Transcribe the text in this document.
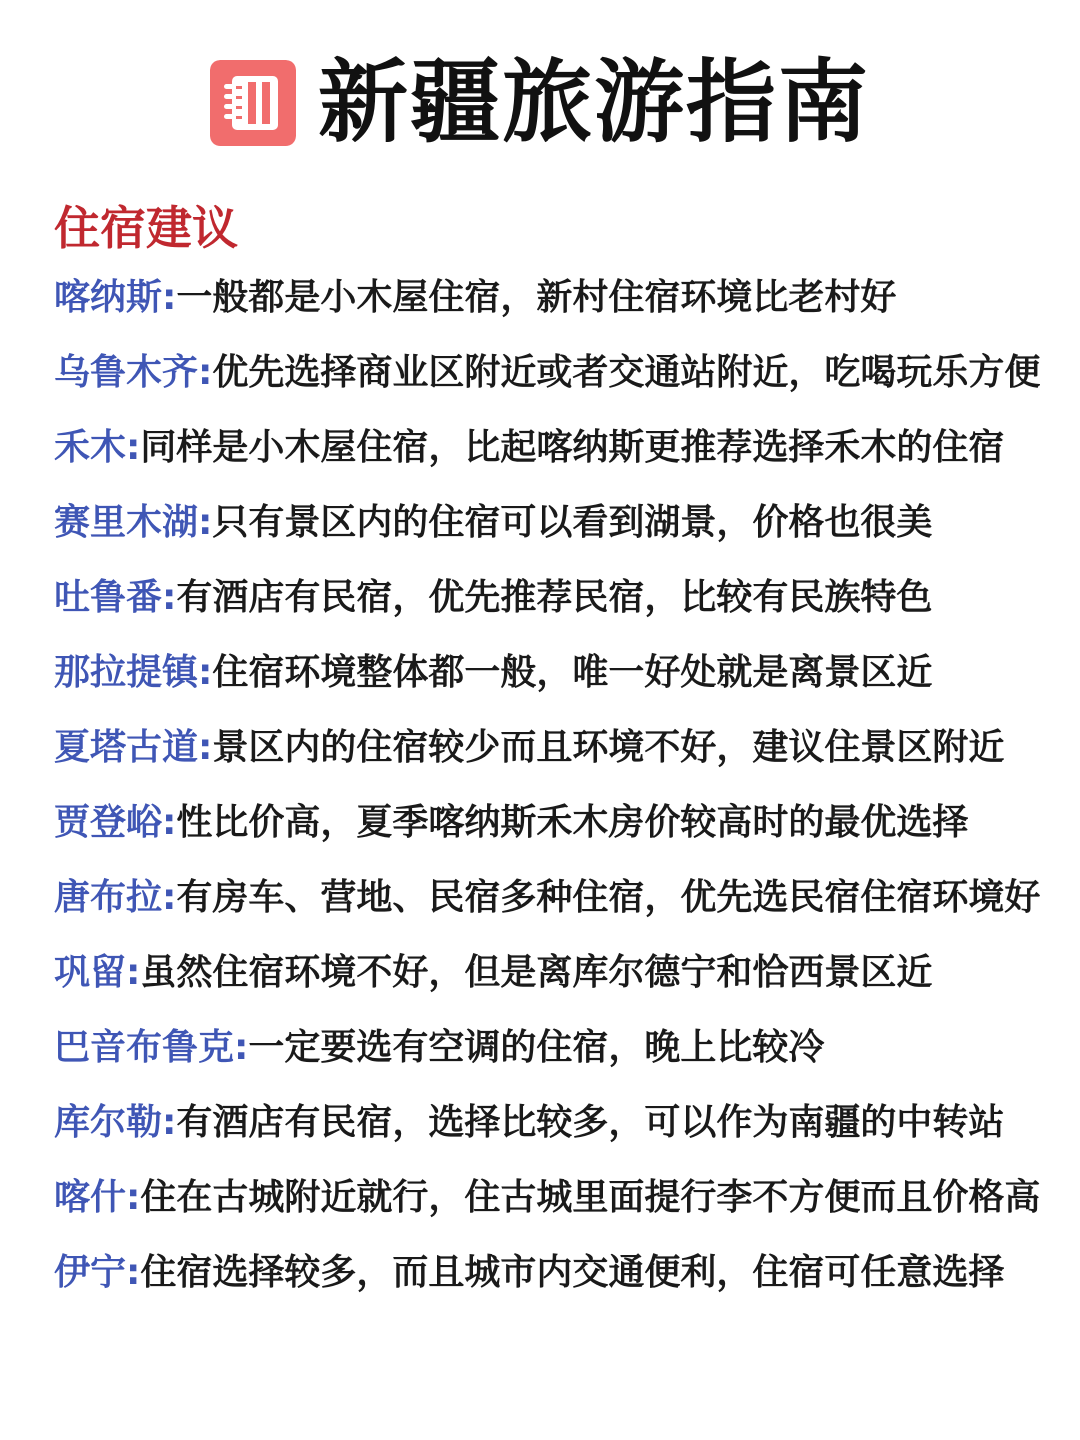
新疆旅游指南
住宿建议
喀纳斯:一般都是小木屋住宿，新村住宿环境比老村好
乌鲁木齐:优先选择商业区附近或者交通站附近，吃喝玩乐方便
禾木:同样是小木屋住宿，比起喀纳斯更推荐选择禾木的住宿
赛里木湖:只有景区内的住宿可以看到湖景，价格也很美
吐鲁番:有酒店有民宿，优先推荐民宿，比较有民族特色
那拉提镇:住宿环境整体都一般，唯一好处就是离景区近
夏塔古道:景区内的住宿较少而且环境不好，建议住景区附近
贾登峪:性比价高，夏季喀纳斯禾木房价较高时的最优选择
唐布拉:有房车、营地、民宿多种住宿，优先选民宿住宿环境好
巩留:虽然住宿环境不好，但是离库尔德宁和恰西景区近
巴音布鲁克:一定要选有空调的住宿，晚上比较冷
库尔勒:有酒店有民宿，选择比较多，可以作为南疆的中转站
喀什:住在古城附近就行，住古城里面提行李不方便而且价格高
伊宁:住宿选择较多，而且城市内交通便利，住宿可任意选择
